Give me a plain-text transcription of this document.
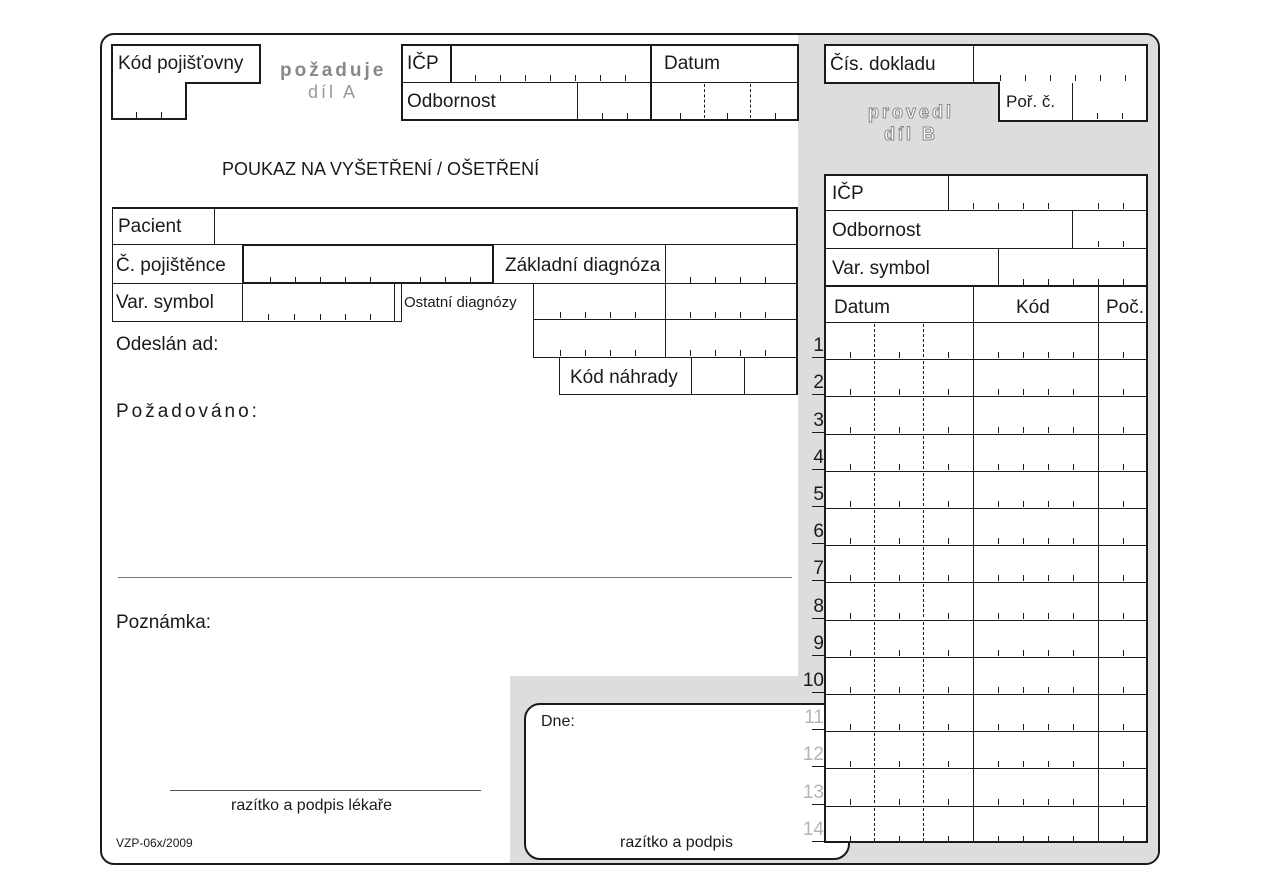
Kód pojišťovny požaduje
díl A
IČP	Datum
Odbornost
POUKAZ NA VYŠETŘENÍ / OŠETŘENÍ
Pacient
Č. pojištěnce	Základní diagnóza
Var. symbol	Ostatní diagnózy
Odeslán ad:
Kód náhrady
Požadováno:
Poznámka:
razítko a podpis lékaře
VZP-06x/2009
Dne:
razítko a podpis
Čís. dokladu
Poř. č.
provedl
díl B
IČP
Odbornost
Var. symbol
Datum	Kód	Poč.
1
2
3
4
5
6
7
8
9
10
11
12
13
14
